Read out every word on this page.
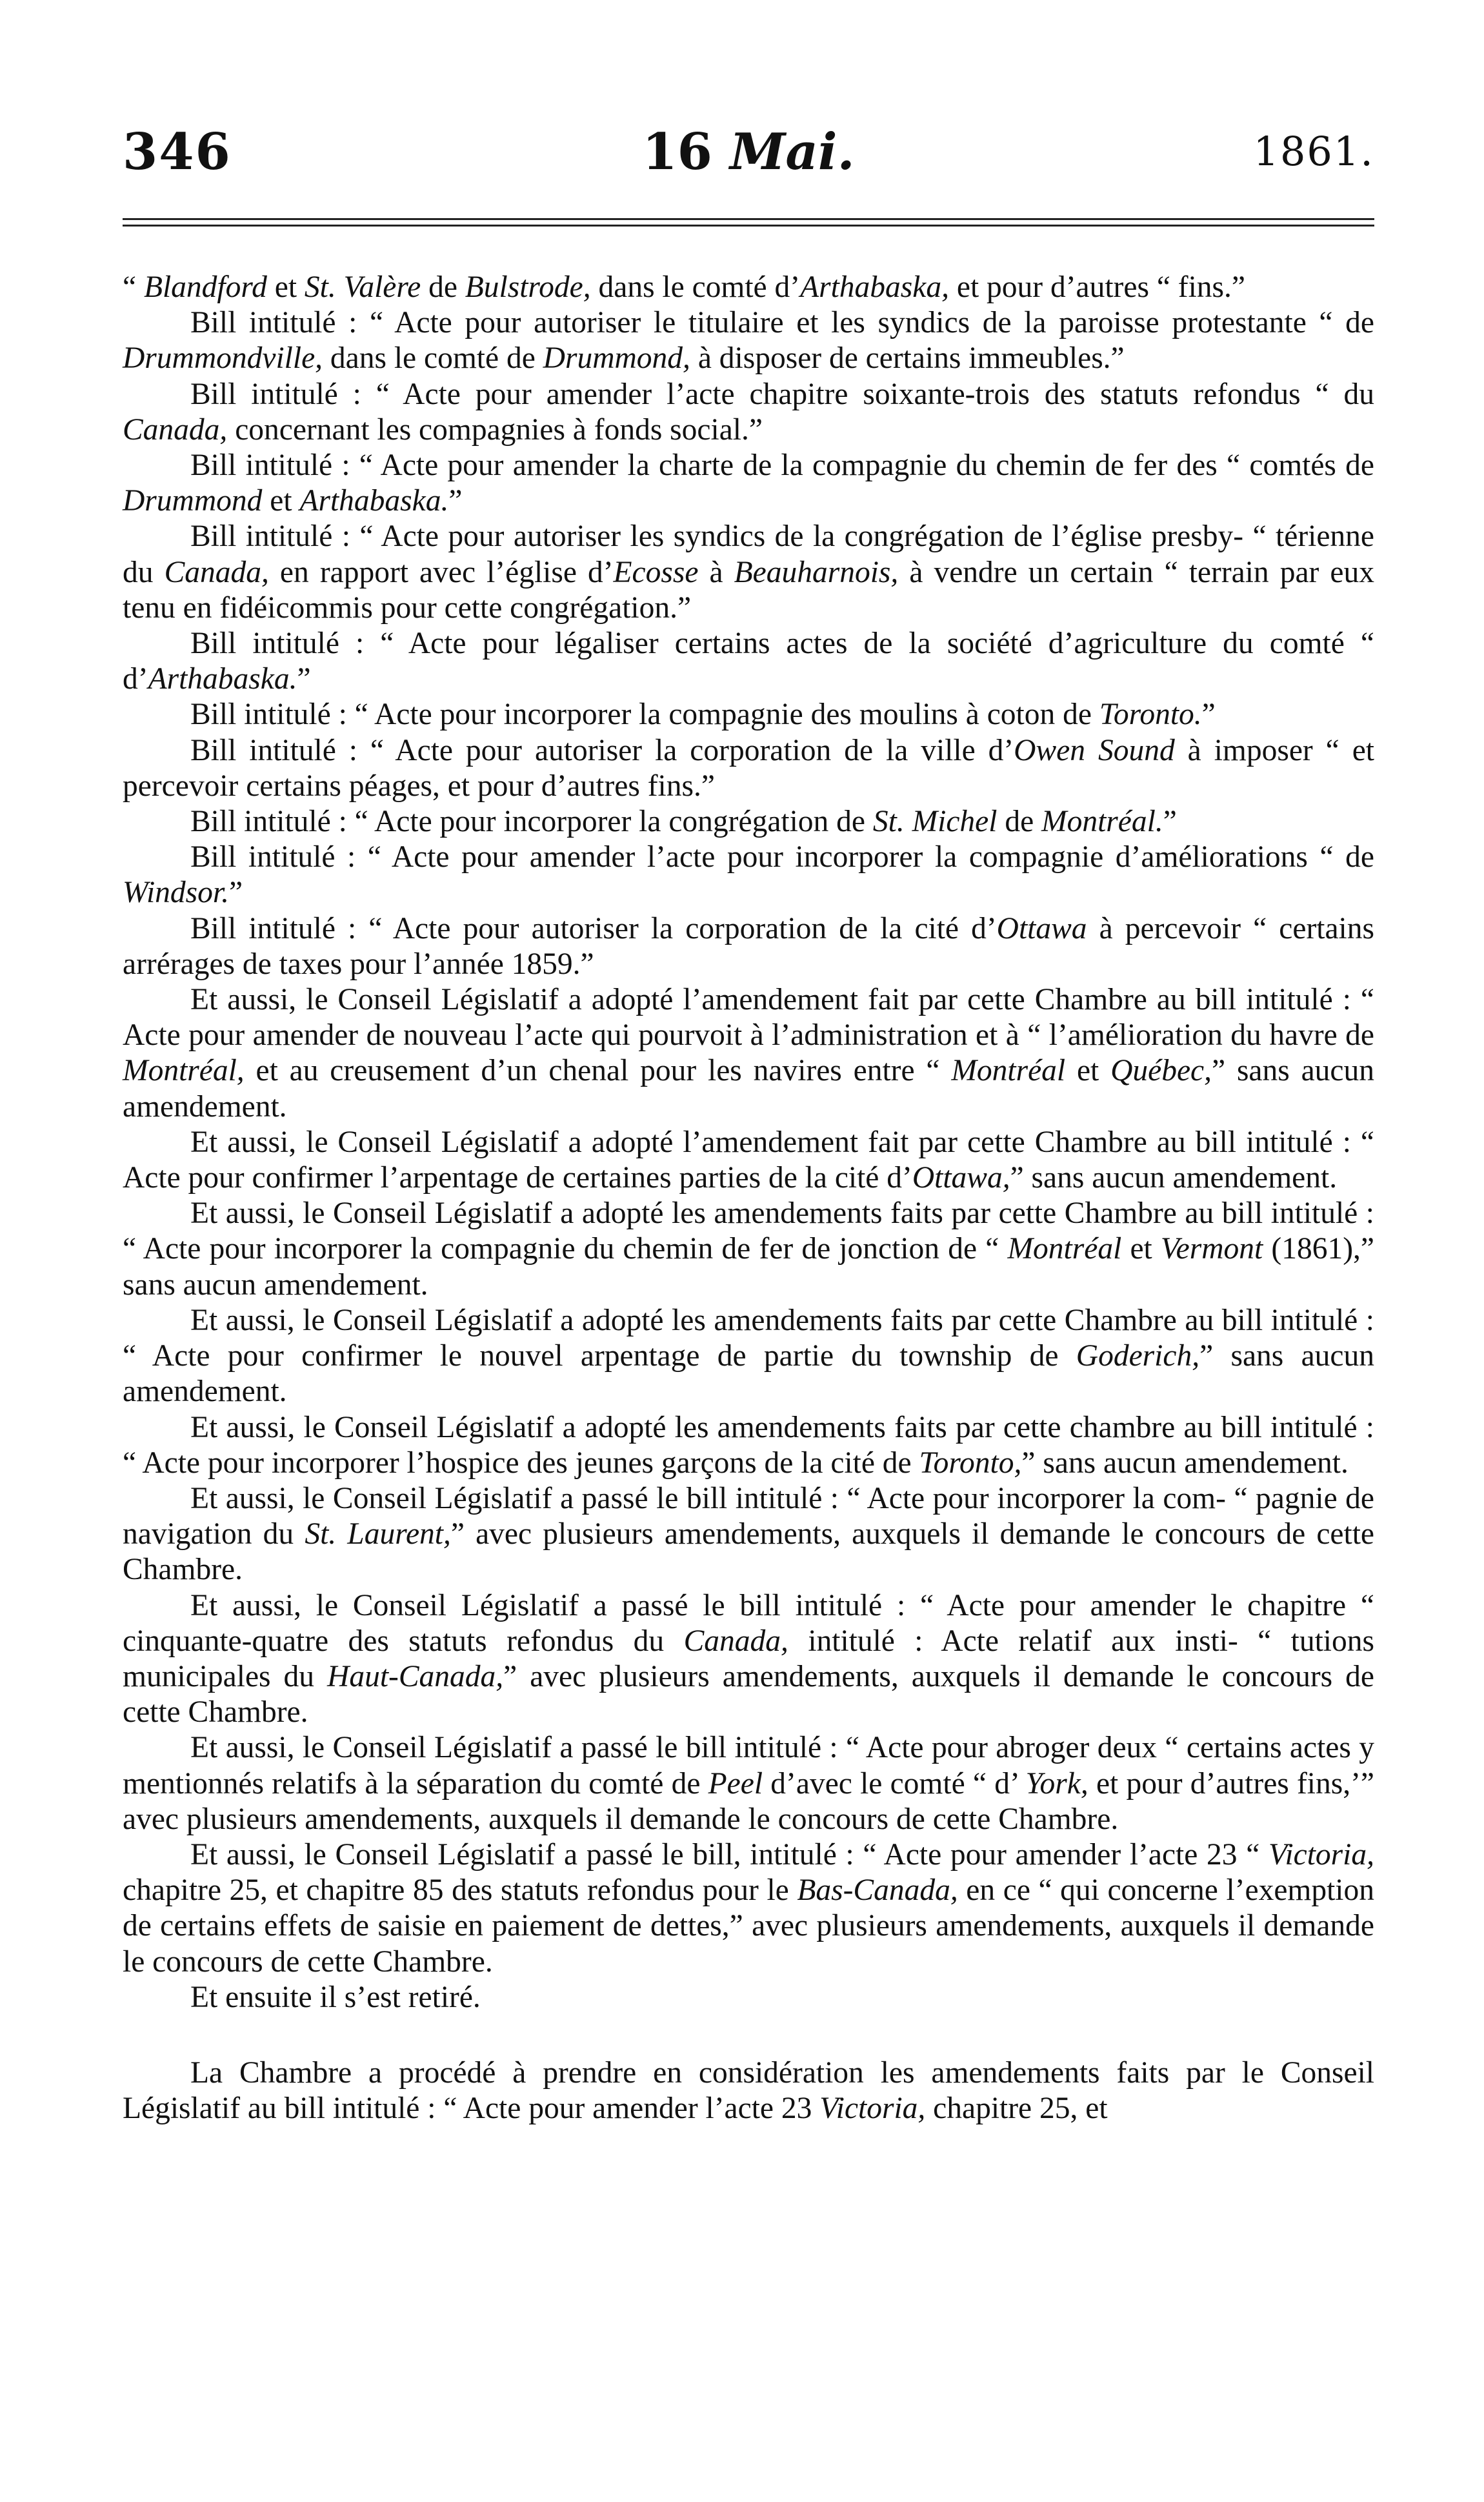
346	16 Mai.	1861.

“ Blandford et St. Valère de Bulstrode, dans le comté d’Arthabaska, et pour d’autres “ fins.”

Bill intitulé : “ Acte pour autoriser le titulaire et les syndics de la paroisse protestante “ de Drummondville, dans le comté de Drummond, à disposer de certains immeubles.”

Bill intitulé : “ Acte pour amender l’acte chapitre soixante-trois des statuts refondus “ du Canada, concernant les compagnies à fonds social.”

Bill intitulé : “ Acte pour amender la charte de la compagnie du chemin de fer des “ comtés de Drummond et Arthabaska.”

Bill intitulé : “ Acte pour autoriser les syndics de la congrégation de l’église presby- “ térienne du Canada, en rapport avec l’église d’Ecosse à Beauharnois, à vendre un certain “ terrain par eux tenu en fidéicommis pour cette congrégation.”

Bill intitulé : “ Acte pour légaliser certains actes de la société d’agriculture du comté “ d’Arthabaska.”

Bill intitulé : “ Acte pour incorporer la compagnie des moulins à coton de Toronto.”

Bill intitulé : “ Acte pour autoriser la corporation de la ville d’Owen Sound à imposer “ et percevoir certains péages, et pour d’autres fins.”

Bill intitulé : “ Acte pour incorporer la congrégation de St. Michel de Montréal.”

Bill intitulé : “ Acte pour amender l’acte pour incorporer la compagnie d’améliorations “ de Windsor.”

Bill intitulé : “ Acte pour autoriser la corporation de la cité d’Ottawa à percevoir “ certains arrérages de taxes pour l’année 1859.”

Et aussi, le Conseil Législatif a adopté l’amendement fait par cette Chambre au bill intitulé : “ Acte pour amender de nouveau l’acte qui pourvoit à l’administration et à “ l’amélioration du havre de Montréal, et au creusement d’un chenal pour les navires entre “ Montréal et Québec,” sans aucun amendement.

Et aussi, le Conseil Législatif a adopté l’amendement fait par cette Chambre au bill intitulé : “ Acte pour confirmer l’arpentage de certaines parties de la cité d’Ottawa,” sans aucun amendement.

Et aussi, le Conseil Législatif a adopté les amendements faits par cette Chambre au bill intitulé : “ Acte pour incorporer la compagnie du chemin de fer de jonction de “ Montréal et Vermont (1861),” sans aucun amendement.

Et aussi, le Conseil Législatif a adopté les amendements faits par cette Chambre au bill intitulé : “ Acte pour confirmer le nouvel arpentage de partie du township de Goderich,” sans aucun amendement.

Et aussi, le Conseil Législatif a adopté les amendements faits par cette chambre au bill intitulé : “ Acte pour incorporer l’hospice des jeunes garçons de la cité de Toronto,” sans aucun amendement.

Et aussi, le Conseil Législatif a passé le bill intitulé : “ Acte pour incorporer la com- “ pagnie de navigation du St. Laurent,” avec plusieurs amendements, auxquels il demande le concours de cette Chambre.

Et aussi, le Conseil Législatif a passé le bill intitulé : “ Acte pour amender le chapitre “ cinquante-quatre des statuts refondus du Canada, intitulé : Acte relatif aux insti- “ tutions municipales du Haut-Canada,” avec plusieurs amendements, auxquels il demande le concours de cette Chambre.

Et aussi, le Conseil Législatif a passé le bill intitulé : “ Acte pour abroger deux “ certains actes y mentionnés relatifs à la séparation du comté de Peel d’avec le comté “ d’ York, et pour d’autres fins,’” avec plusieurs amendements, auxquels il demande le concours de cette Chambre.

Et aussi, le Conseil Législatif a passé le bill, intitulé : “ Acte pour amender l’acte 23 “ Victoria, chapitre 25, et chapitre 85 des statuts refondus pour le Bas-Canada, en ce “ qui concerne l’exemption de certains effets de saisie en paiement de dettes,” avec plusieurs amendements, auxquels il demande le concours de cette Chambre.

Et ensuite il s’est retiré.

La Chambre a procédé à prendre en considération les amendements faits par le Conseil Législatif au bill intitulé : “ Acte pour amender l’acte 23 Victoria, chapitre 25, et
